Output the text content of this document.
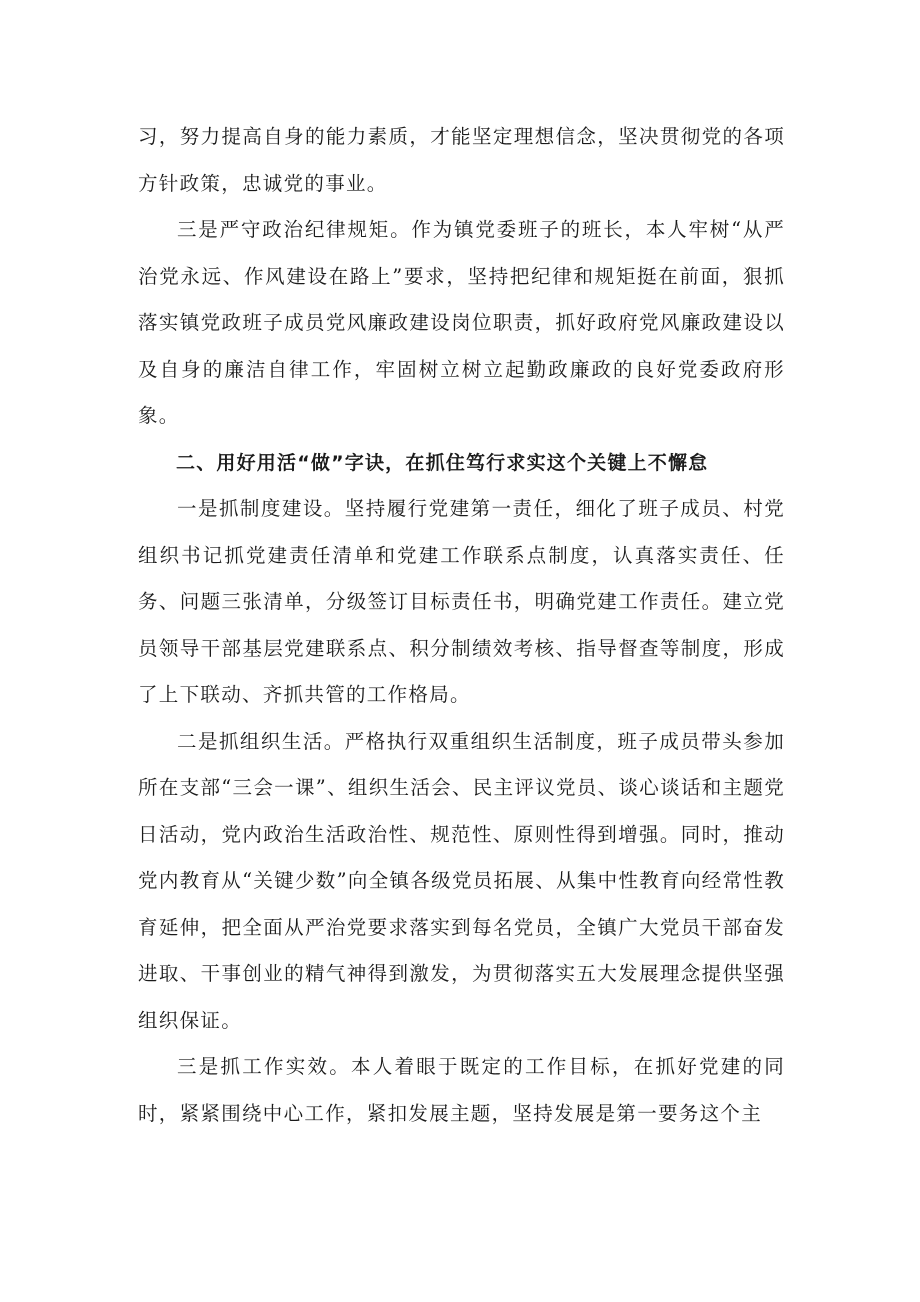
习，努力提高自身的能力素质，才能坚定理想信念，坚决贯彻党的各项方针政策，忠诚党的事业。

三是严守政治纪律规矩。作为镇党委班子的班长，本人牢树“从严治党永远、作风建设在路上”要求，坚持把纪律和规矩挺在前面，狠抓落实镇党政班子成员党风廉政建设岗位职责，抓好政府党风廉政建设以及自身的廉洁自律工作，牢固树立树立起勤政廉政的良好党委政府形象。

二、用好用活“做”字诀，在抓住笃行求实这个关键上不懈怠

一是抓制度建设。坚持履行党建第一责任，细化了班子成员、村党组织书记抓党建责任清单和党建工作联系点制度，认真落实责任、任务、问题三张清单，分级签订目标责任书，明确党建工作责任。建立党员领导干部基层党建联系点、积分制绩效考核、指导督查等制度，形成了上下联动、齐抓共管的工作格局。

二是抓组织生活。严格执行双重组织生活制度，班子成员带头参加所在支部“三会一课”、组织生活会、民主评议党员、谈心谈话和主题党日活动，党内政治生活政治性、规范性、原则性得到增强。同时，推动党内教育从“关键少数”向全镇各级党员拓展、从集中性教育向经常性教育延伸，把全面从严治党要求落实到每名党员，全镇广大党员干部奋发进取、干事创业的精气神得到激发，为贯彻落实五大发展理念提供坚强组织保证。

三是抓工作实效。本人着眼于既定的工作目标，在抓好党建的同时，紧紧围绕中心工作，紧扣发展主题，坚持发展是第一要务这个主
